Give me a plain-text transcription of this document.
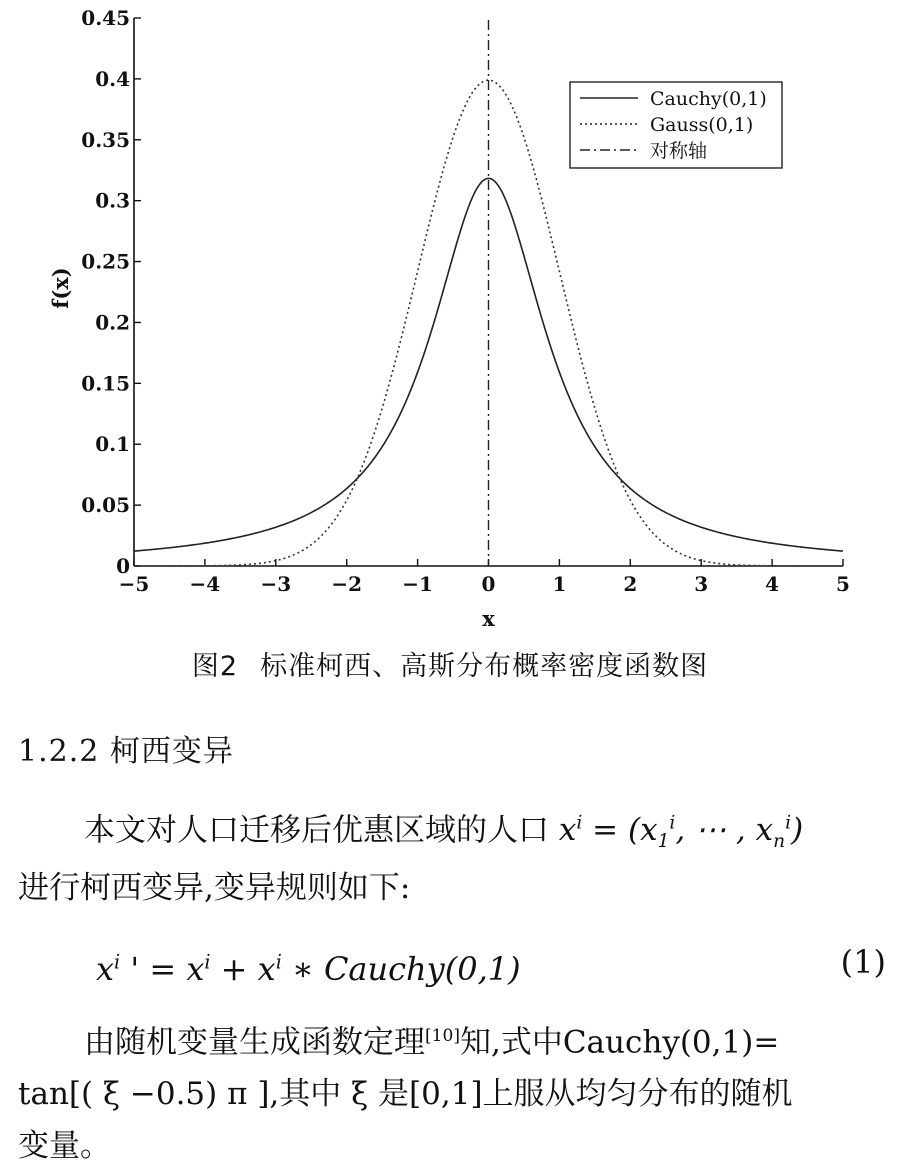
−5 −4 −3 −2 −1 0	1	2	3	4	5
0
0.05
0.1
0.15
0.2
0.25
0.3
0.35
0.4
0.45
x
f(x)
Cauchy(0,1)
Gauss(0,1)
对称轴
图2 标准柯西、高斯分布概率密度函数图
1.2.2 柯西变异
本文对人口迁移后优惠区域的人口 $x^i = (x_1^i$, ⋯ , $x_n^i$)
进行柯西变异,变异规则如下:
$x^i$ ' = $x^i + x^i$ ∗ Cauchy(0,1)	(1)
由随机变量生成函数定理[10]知,式中Cauchy(0,1)=
tan[( ξ −0.5) π ],其中 ξ 是[0,1]上服从均匀分布的随机
变量。
